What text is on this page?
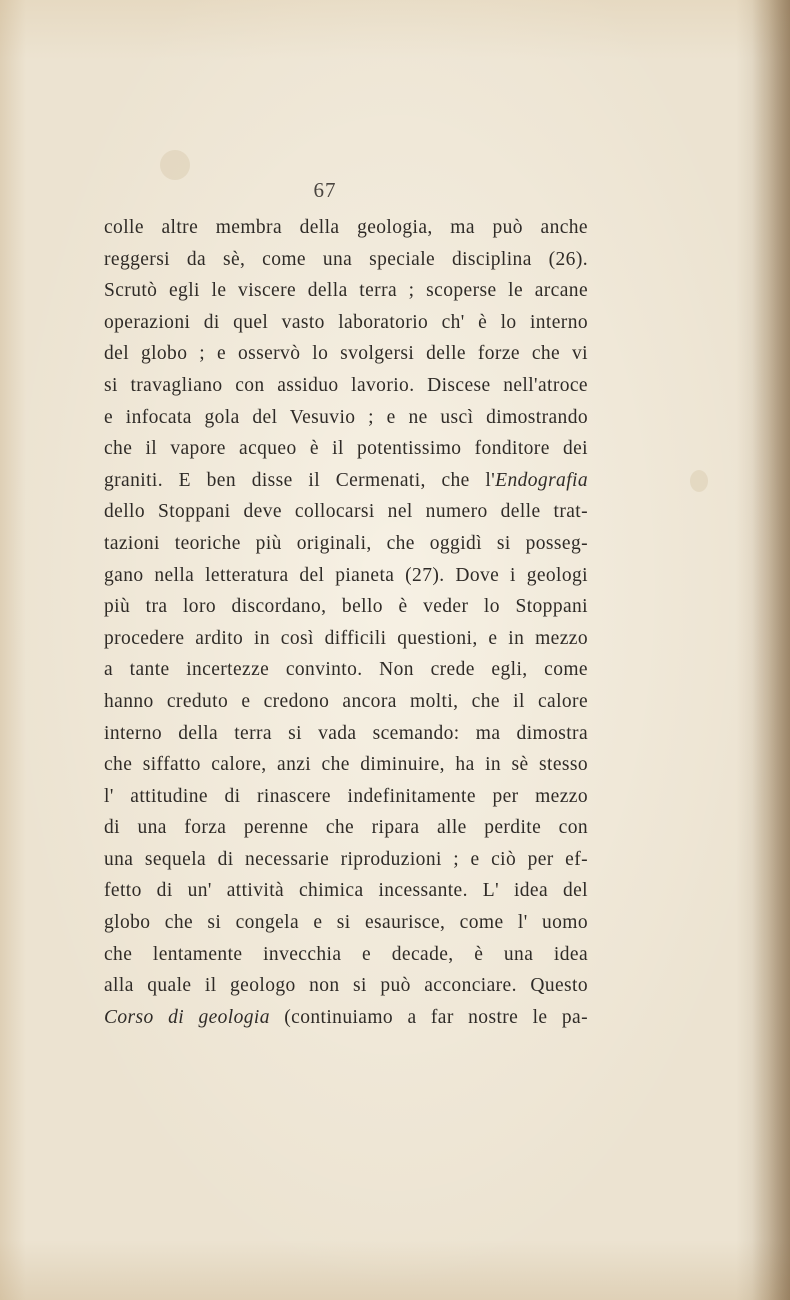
67
colle altre membra della geologia, ma può anche
reggersi da sè, come una speciale disciplina (26).
Scrutò egli le viscere della terra ; scoperse le arcane
operazioni di quel vasto laboratorio ch' è lo interno
del globo ; e osservò lo svolgersi delle forze che vi
si travagliano con assiduo lavorio. Discese nell'atroce
e infocata gola del Vesuvio ; e ne uscì dimostrando
che il vapore acqueo è il potentissimo fonditore dei
graniti. E ben disse il Cermenati, che l'Endografia
dello Stoppani deve collocarsi nel numero delle trat-
tazioni teoriche più originali, che oggidì si posseg-
gano nella letteratura del pianeta (27). Dove i geologi
più tra loro discordano, bello è veder lo Stoppani
procedere ardito in così difficili questioni, e in mezzo
a tante incertezze convinto. Non crede egli, come
hanno creduto e credono ancora molti, che il calore
interno della terra si vada scemando: ma dimostra
che siffatto calore, anzi che diminuire, ha in sè stesso
l' attitudine di rinascere indefinitamente per mezzo
di una forza perenne che ripara alle perdite con
una sequela di necessarie riproduzioni ; e ciò per ef-
fetto di un' attività chimica incessante. L' idea del
globo che si congela e si esaurisce, come l' uomo
che lentamente invecchia e decade, è una idea
alla quale il geologo non si può acconciare. Questo
Corso di geologia (continuiamo a far nostre le pa-
